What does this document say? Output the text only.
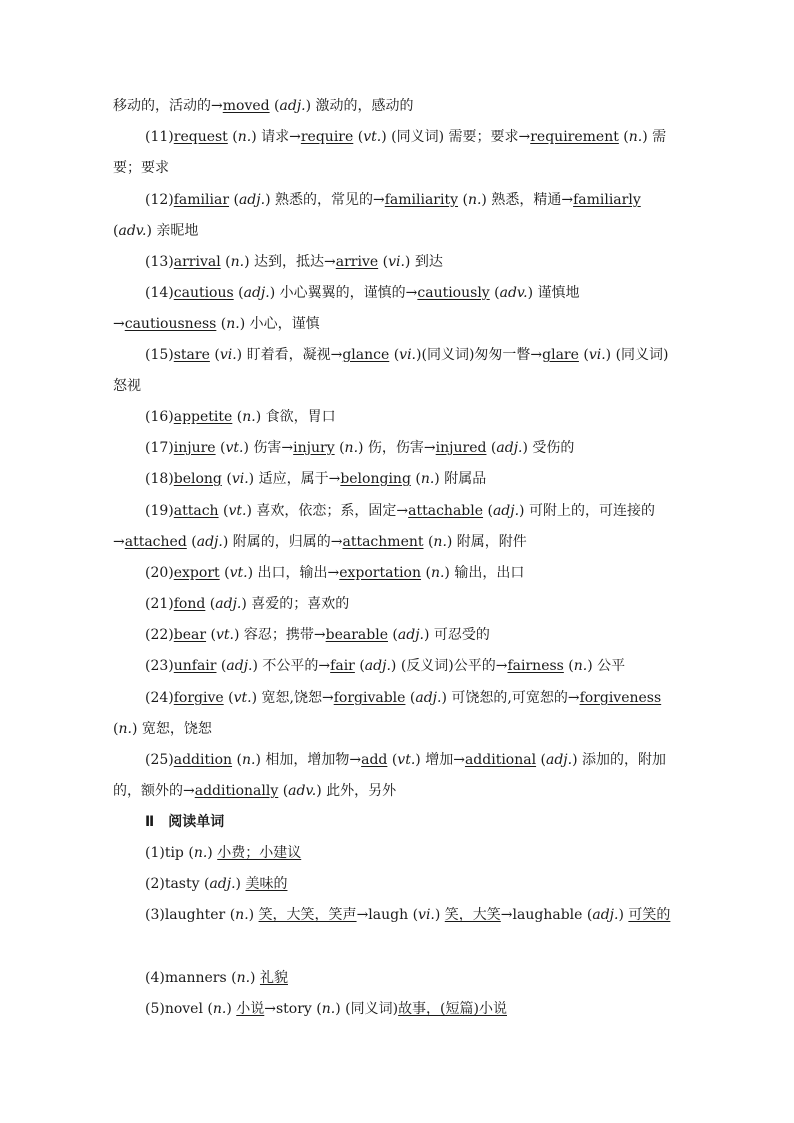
移动的，活动的→moved (adj.) 激动的，感动的
(11)request (n.) 请求→require (vt.) (同义词) 需要；要求→requirement (n.) 需要；要求
(12)familiar (adj.) 熟悉的，常见的→familiarity (n.) 熟悉，精通→familiarly (adv.) 亲昵地
(13)arrival (n.) 达到，抵达→arrive (vi.) 到达
(14)cautious (adj.) 小心翼翼的，谨慎的→cautiously (adv.) 谨慎地→cautiousness (n.) 小心，谨慎
(15)stare (vi.) 盯着看，凝视→glance (vi.)(同义词)匆匆一瞥→glare (vi.) (同义词)怒视
(16)appetite (n.) 食欲，胃口
(17)injure (vt.) 伤害→injury (n.) 伤，伤害→injured (adj.) 受伤的
(18)belong (vi.) 适应，属于→belonging (n.) 附属品
(19)attach (vt.) 喜欢，依恋；系，固定→attachable (adj.) 可附上的，可连接的→attached (adj.) 附属的，归属的→attachment (n.) 附属，附件
(20)export (vt.) 出口，输出→exportation (n.) 输出，出口
(21)fond (adj.) 喜爱的；喜欢的
(22)bear (vt.) 容忍；携带→bearable (adj.) 可忍受的
(23)unfair (adj.) 不公平的→fair (adj.) (反义词)公平的→fairness (n.) 公平
(24)forgive (vt.) 宽恕,饶恕→forgivable (adj.) 可饶恕的,可宽恕的→forgiveness (n.) 宽恕，饶恕
(25)addition (n.) 相加，增加物→add (vt.) 增加→additional (adj.) 添加的，附加的，额外的→additionally (adv.) 此外，另外
Ⅱ　阅读单词
(1)tip (n.) 小费；小建议
(2)tasty (adj.) 美味的
(3)laughter (n.) 笑，大笑，笑声→laugh (vi.) 笑，大笑→laughable (adj.) 可笑的
(4)manners (n.) 礼貌
(5)novel (n.) 小说→story (n.) (同义词)故事，(短篇)小说
